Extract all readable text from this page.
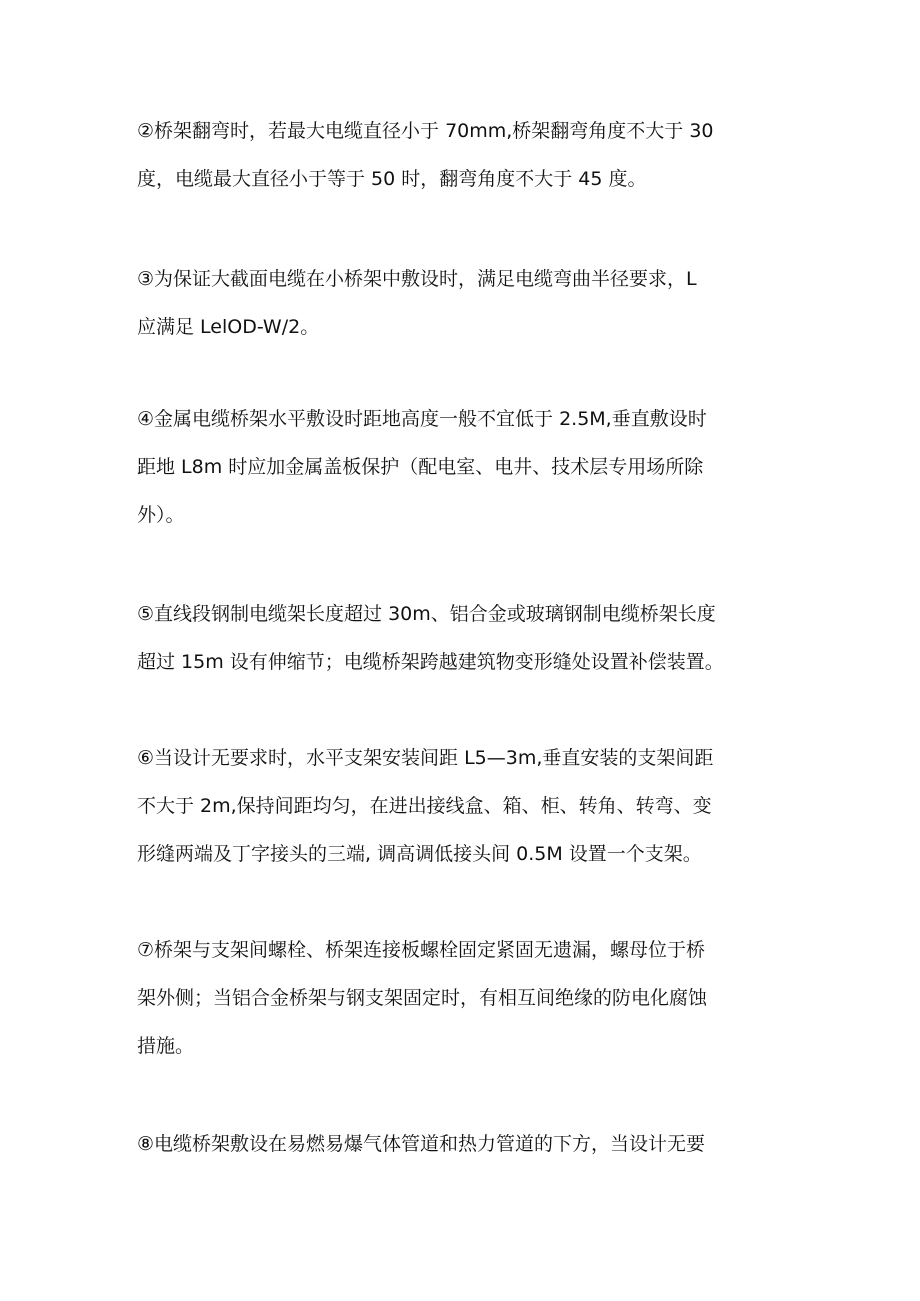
②桥架翻弯时，若最大电缆直径小于 70mm,桥架翻弯角度不大于 30
度，电缆最大直径小于等于 50 时，翻弯角度不大于 45 度。

③为保证大截面电缆在小桥架中敷设时，满足电缆弯曲半径要求，L
应满足 LelOD-W/2。

④金属电缆桥架水平敷设时距地高度一般不宜低于 2.5M,垂直敷设时
距地 L8m 时应加金属盖板保护（配电室、电井、技术层专用场所除
外）。

⑤直线段钢制电缆架长度超过 30m、铝合金或玻璃钢制电缆桥架长度
超过 15m 设有伸缩节；电缆桥架跨越建筑物变形缝处设置补偿装置。

⑥当设计无要求时，水平支架安装间距 L5—3m,垂直安装的支架间距
不大于 2m,保持间距均匀，在进出接线盒、箱、柜、转角、转弯、变
形缝两端及丁字接头的三端, 调高调低接头间 0.5M 设置一个支架。

⑦桥架与支架间螺栓、桥架连接板螺栓固定紧固无遗漏，螺母位于桥
架外侧；当铝合金桥架与钢支架固定时，有相互间绝缘的防电化腐蚀
措施。

⑧电缆桥架敷设在易燃易爆气体管道和热力管道的下方，当设计无要
